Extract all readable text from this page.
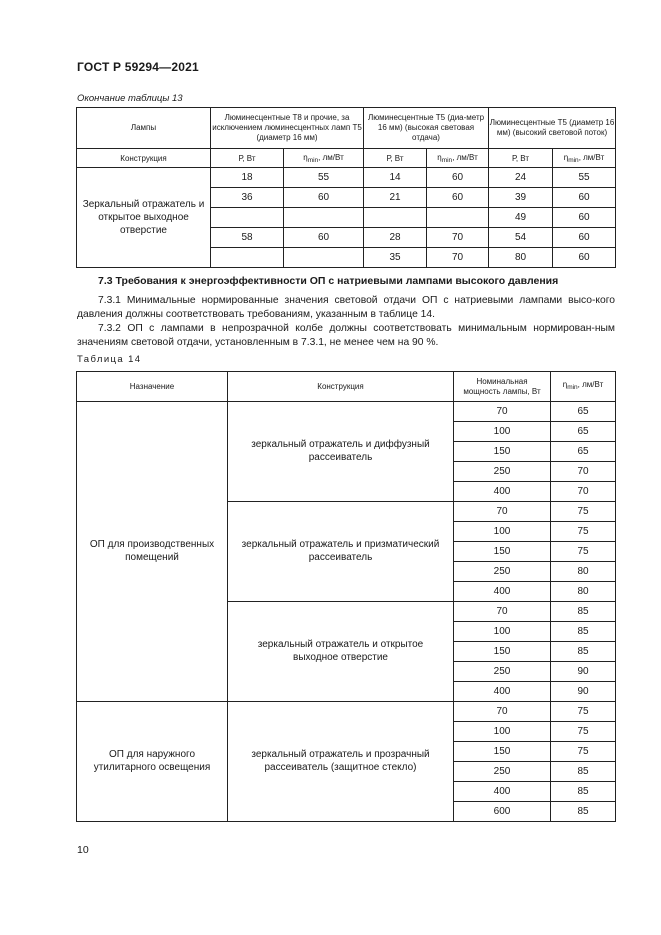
ГОСТ Р 59294—2021
Окончание таблицы 13
Лампы	Люминесцентные Т8 и прочие, за исключением люминесцентных ламп Т5 (диаметр 16 мм)		Люминесцентные Т5 (диа-метр 16 мм) (высокая световая отдача)		Люминесцентные Т5 (диаметр 16 мм) (высокий световой поток)	
Конструкция	Р, Вт	$\eta_{min}$, лм/Вт	Р, Вт	$\eta_{min}$, лм/Вт	Р, Вт	$\eta_{min}$, лм/Вт
Зеркальный отражатель и открытое выходное отверстие	18	55	14	60	24	55
	36	60	21	60	39	60
					49	60
	58	60	28	70	54	60
			35	70	80	60
7.3 Требования к энергоэффективности ОП с натриевыми лампами высокого давления
7.3.1 Минимальные нормированные значения световой отдачи ОП с натриевыми лампами высо-кого давления должны соответствовать требованиям, указанным в таблице 14.
7.3.2 ОП с лампами в непрозрачной колбе должны соответствовать минимальным нормирован-ным значениям световой отдачи, установленным в 7.3.1, не менее чем на 90 %.
Таблица 14
Назначение	Конструкция	Номинальная мощность лампы, Вт	$\eta_{min}$, лм/Вт
ОП для производственных помещений	зеркальный отражатель и диффузный рассеиватель	70	65
		100	65
		150	65
		250	70
		400	70
	зеркальный отражатель и призматический рассеиватель	70	75
		100	75
		150	75
		250	80
		400	80
	зеркальный отражатель и открытое выходное отверстие	70	85
		100	85
		150	85
		250	90
		400	90
ОП для наружного утилитарного освещения	зеркальный отражатель и прозрачный рассеиватель (защитное стекло)	70	75
		100	75
		150	75
		250	85
		400	85
		600	85
10
